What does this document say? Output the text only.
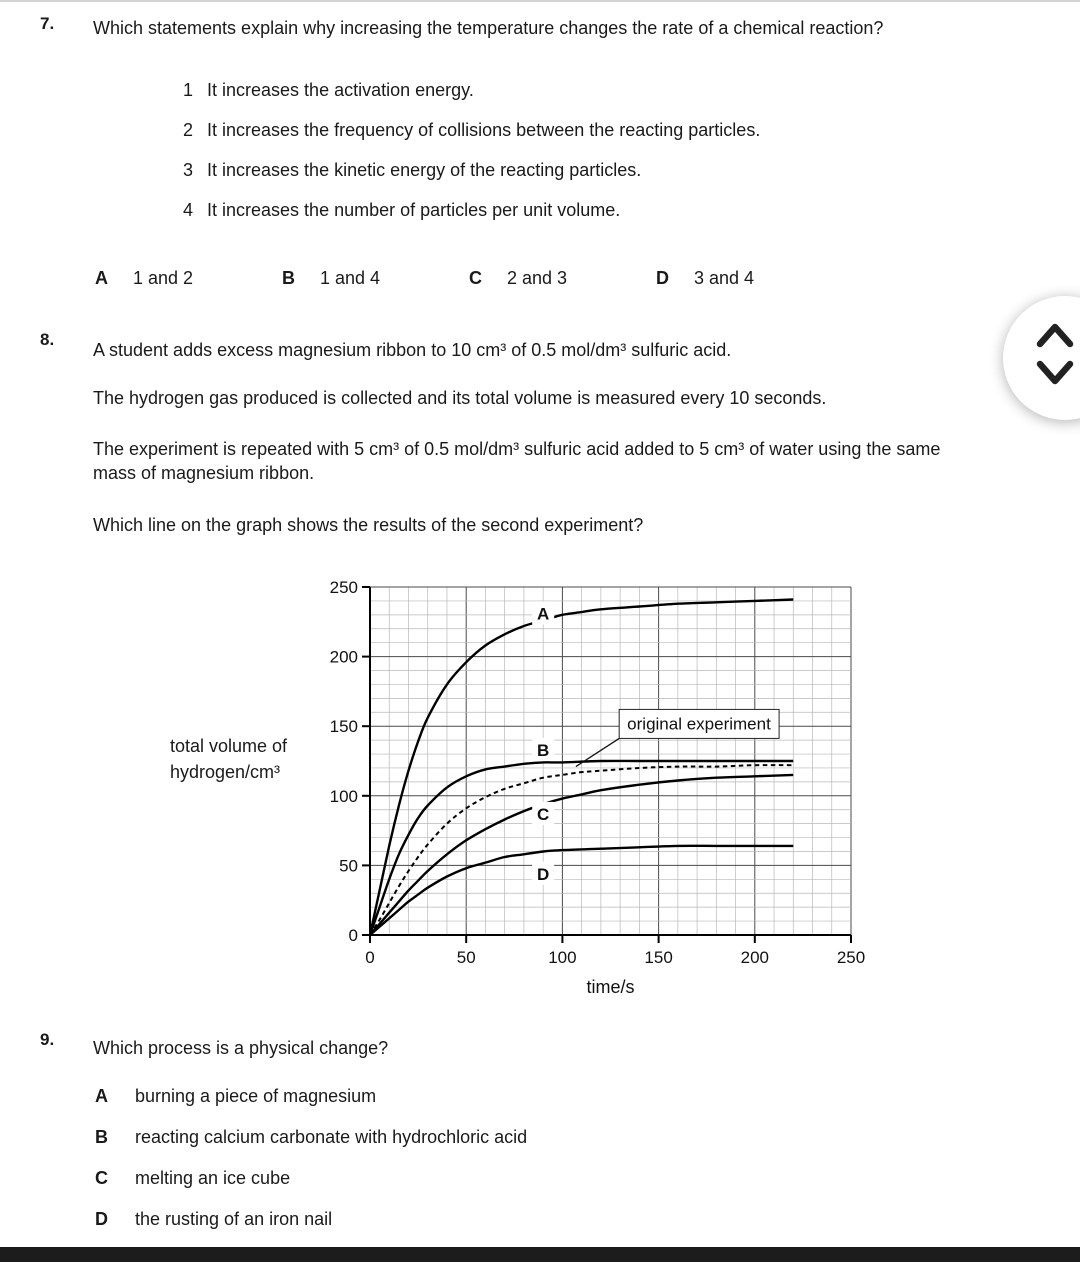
7. Which statements explain why increasing the temperature changes the rate of a chemical reaction?
1 It increases the activation energy.
2 It increases the frequency of collisions between the reacting particles.
3 It increases the kinetic energy of the reacting particles.
4 It increases the number of particles per unit volume.
A 1 and 2	B 1 and 4	C 2 and 3	D 3 and 4
8.
A student adds excess magnesium ribbon to 10 cm³ of 0.5 mol/dm³ sulfuric acid.
The hydrogen gas produced is collected and its total volume is measured every 10 seconds.
The experiment is repeated with 5 cm³ of 0.5 mol/dm³ sulfuric acid added to 5 cm³ of water using the same mass of magnesium ribbon.
Which line on the graph shows the results of the second experiment?
total volume of
hydrogen/cm³
0
50
100
150
200
250
0	50	100	150	200	250
time/s
A
B
C
D
original experiment
9. Which process is a physical change?
A burning a piece of magnesium
B reacting calcium carbonate with hydrochloric acid
C melting an ice cube
D the rusting of an iron nail
